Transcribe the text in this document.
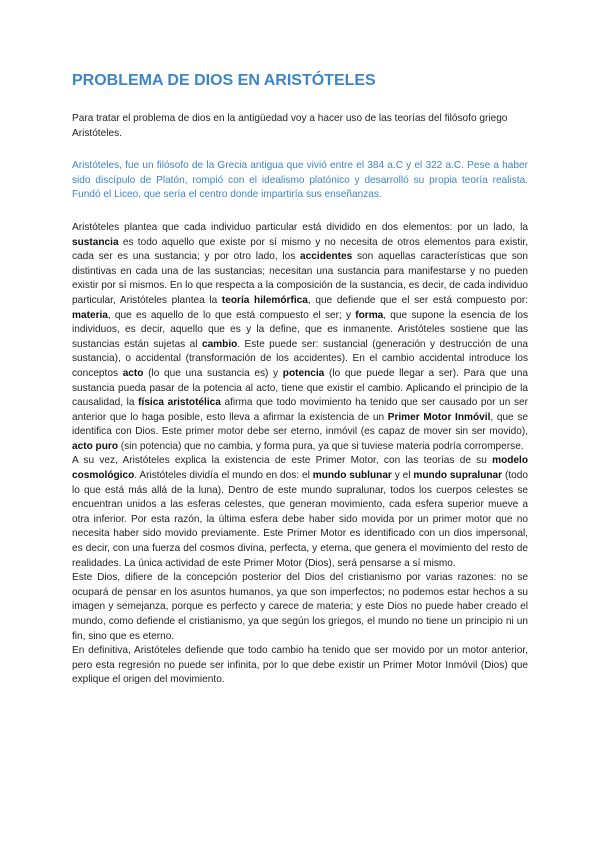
PROBLEMA DE DIOS EN ARISTÓTELES

Para tratar el problema de dios en la antigüedad voy a hacer uso de las teorías del filósofo griego Aristóteles.

Aristóteles, fue un filósofo de la Grecia antigua que vivió entre el 384 a.C y el 322 a.C. Pese a haber sido discípulo de Platón, rompió con el idealismo platónico y desarrolló su propia teoría realista. Fundó el Liceo, que sería el centro donde impartiría sus enseñanzas.

Aristóteles plantea que cada individuo particular está dividido en dos elementos: por un lado, la sustancia es todo aquello que existe por sí mismo y no necesita de otros elementos para existir, cada ser es una sustancia; y por otro lado, los accidentes son aquellas características que son distintivas en cada una de las sustancias; necesitan una sustancia para manifestarse y no pueden existir por sí mismos. En lo que respecta a la composición de la sustancia, es decir, de cada individuo particular, Aristóteles plantea la teoría hilemórfica, que defiende que el ser está compuesto por: materia, que es aquello de lo que está compuesto el ser; y forma, que supone la esencia de los individuos, es decir, aquello que es y la define, que es inmanente. Aristóteles sostiene que las sustancias están sujetas al cambio. Este puede ser: sustancial (generación y destrucción de una sustancia), o accidental (transformación de los accidentes). En el cambio accidental introduce los conceptos acto (lo que una sustancia es) y potencia (lo que puede llegar a ser). Para que una sustancia pueda pasar de la potencia al acto, tiene que existir el cambio. Aplicando el principio de la causalidad, la física aristotélica afirma que todo movimiento ha tenido que ser causado por un ser anterior que lo haga posible, esto lleva a afirmar la existencia de un Primer Motor Inmóvil, que se identifica con Dios. Este primer motor debe ser eterno, inmóvil (es capaz de mover sin ser movido), acto puro (sin potencia) que no cambia, y forma pura, ya que si tuviese materia podría corromperse.

A su vez, Aristóteles explica la existencia de este Primer Motor, con las teorías de su modelo cosmológico. Aristóteles dividía el mundo en dos: el mundo sublunar y el mundo supralunar (todo lo que está más allá de la luna). Dentro de este mundo supralunar, todos los cuerpos celestes se encuentran unidos a las esferas celestes, que generan movimiento, cada esfera superior mueve a otra inferior. Por esta razón, la última esfera debe haber sido movida por un primer motor que no necesita haber sido movido previamente. Este Primer Motor es identificado con un dios impersonal, es decir, con una fuerza del cosmos divina, perfecta, y eterna, que genera el movimiento del resto de realidades. La única actividad de este Primer Motor (Dios), será pensarse a sí mismo.

Este Dios, difiere de la concepción posterior del Dios del cristianismo por varias razones: no se ocupará de pensar en los asuntos humanos, ya que son imperfectos; no podemos estar hechos a su imagen y semejanza, porque es perfecto y carece de materia; y este Dios no puede haber creado el mundo, como defiende el cristianismo, ya que según los griegos, el mundo no tiene un principio ni un fin, sino que es eterno.

En definitiva, Aristóteles defiende que todo cambio ha tenido que ser movido por un motor anterior, pero esta regresión no puede ser infinita, por lo que debe existir un Primer Motor Inmóvil (Dios) que explique el origen del movimiento.
